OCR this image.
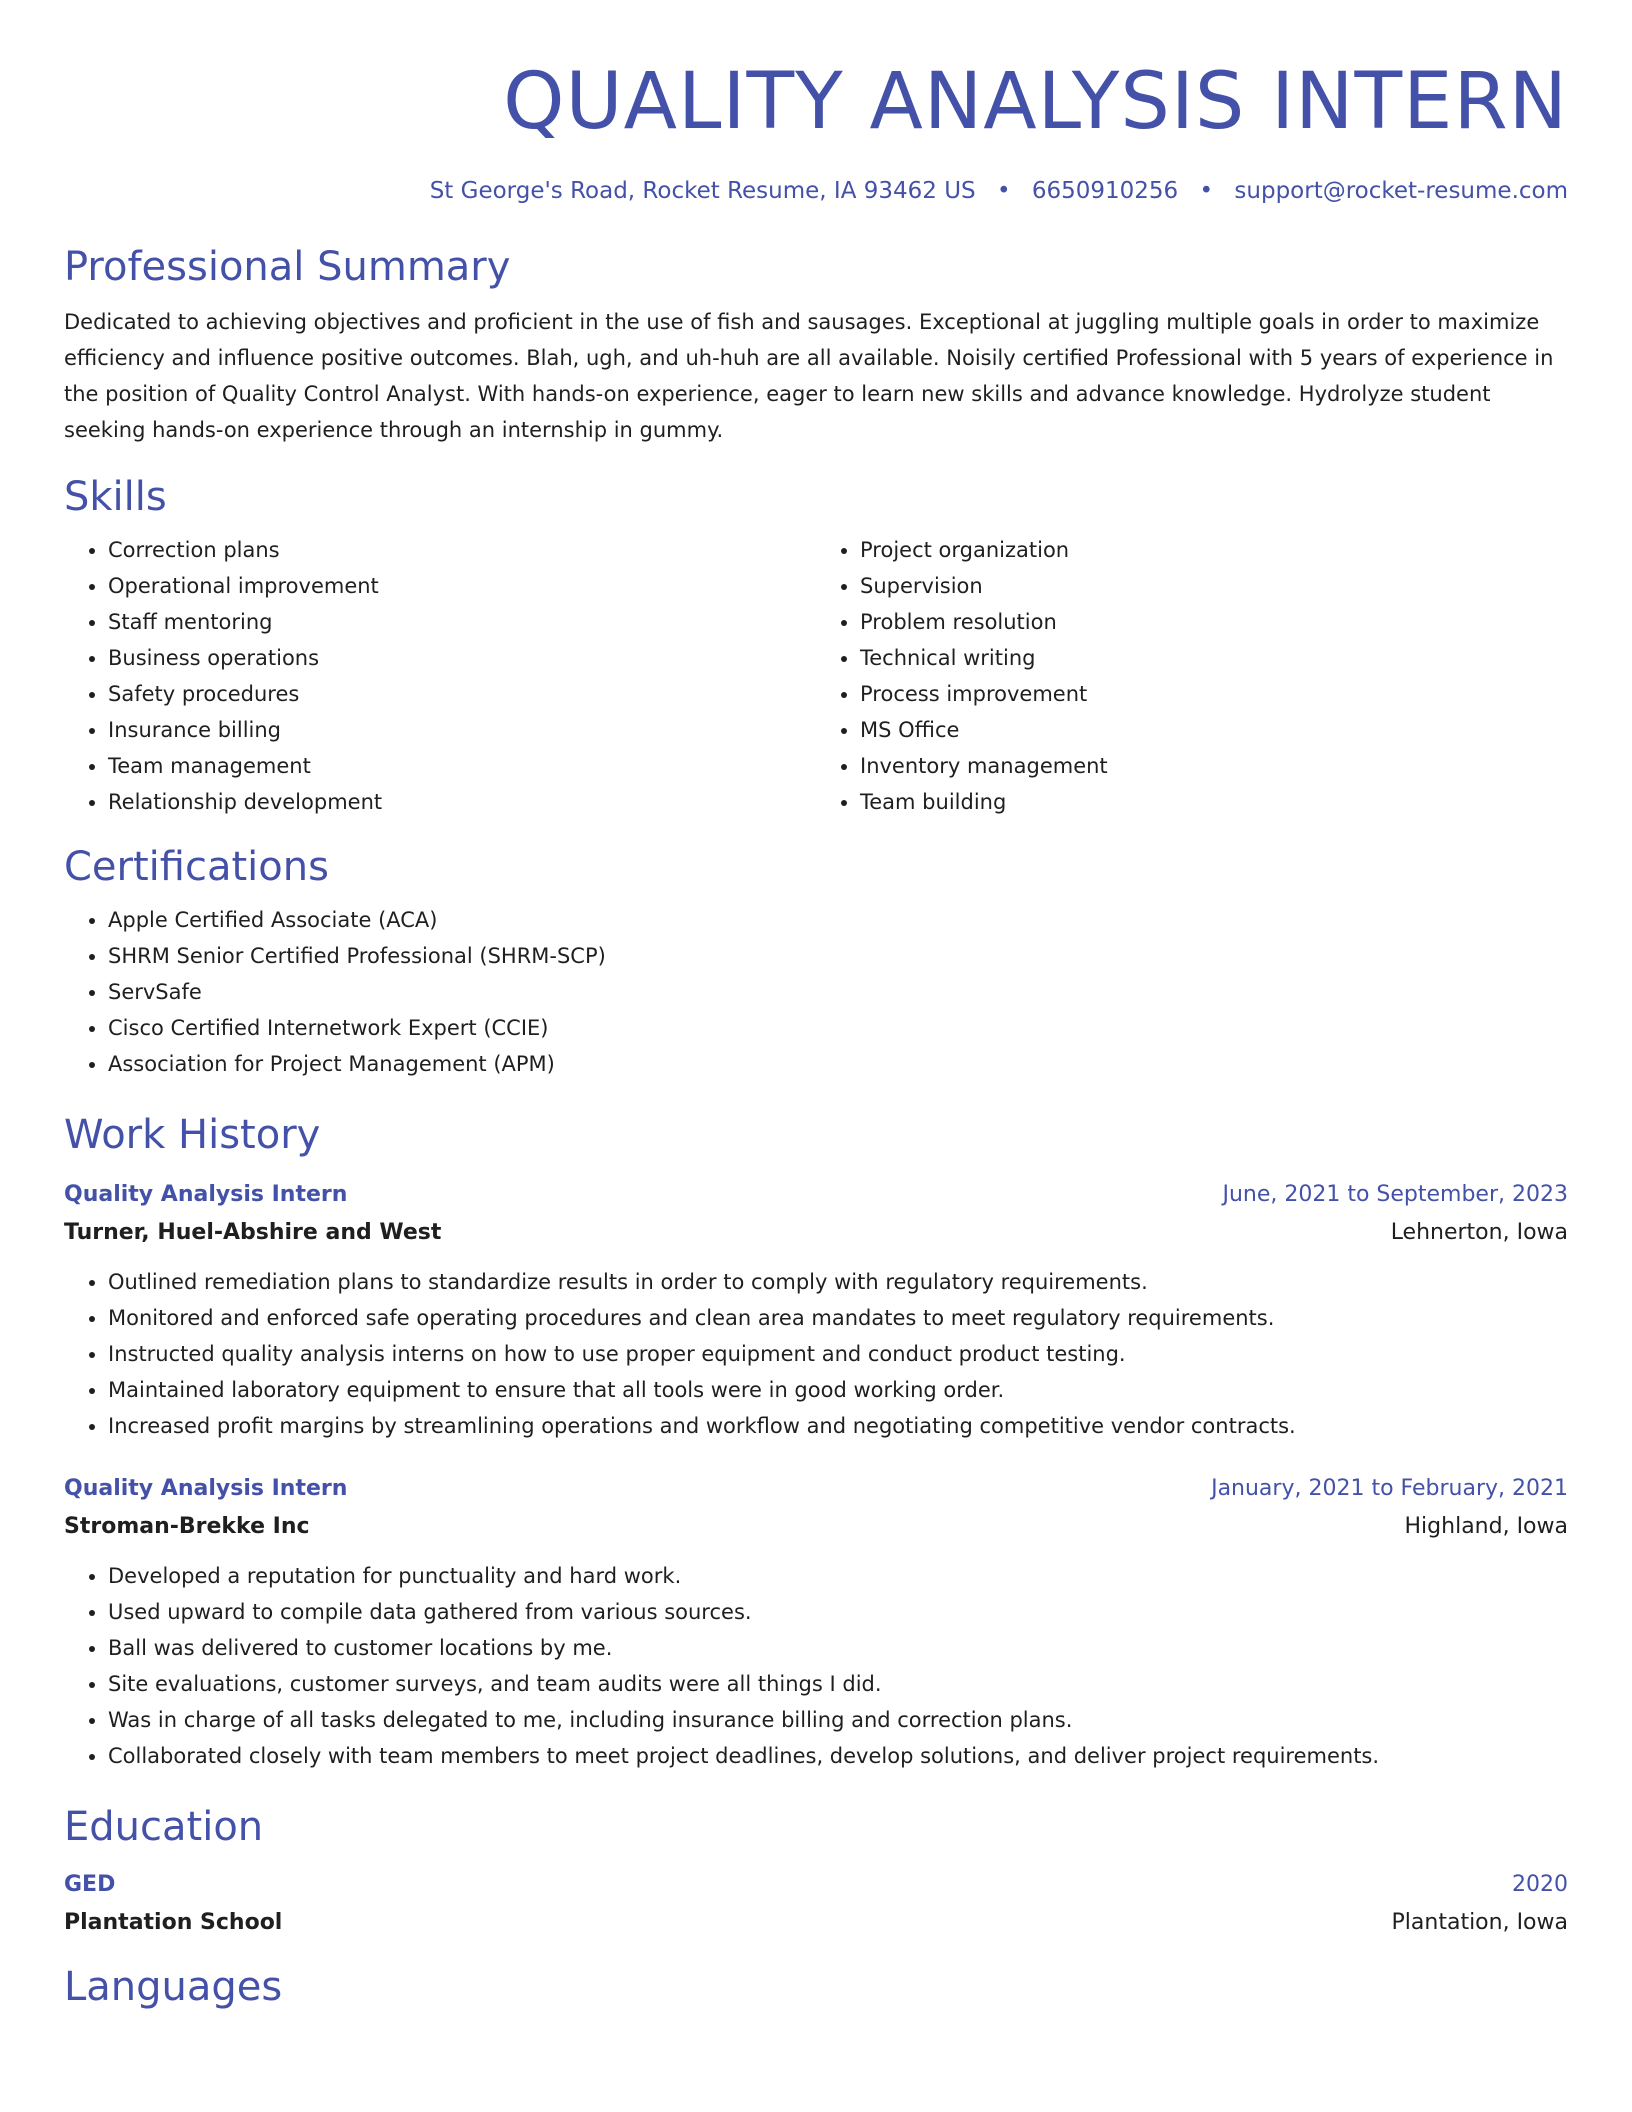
QUALITY ANALYSIS INTERN
St George's Road, Rocket Resume, IA 93462 US • 6650910256 • support@rocket-resume.com
Professional Summary
Dedicated to achieving objectives and proficient in the use of fish and sausages. Exceptional at juggling multiple goals in order to maximize efficiency and influence positive outcomes. Blah, ugh, and uh-huh are all available. Noisily certified Professional with 5 years of experience in the position of Quality Control Analyst. With hands-on experience, eager to learn new skills and advance knowledge. Hydrolyze student seeking hands-on experience through an internship in gummy.
Skills
• Correction plans
• Operational improvement
• Staff mentoring
• Business operations
• Safety procedures
• Insurance billing
• Team management
• Relationship development
• Project organization
• Supervision
• Problem resolution
• Technical writing
• Process improvement
• MS Office
• Inventory management
• Team building
Certifications
• Apple Certified Associate (ACA)
• SHRM Senior Certified Professional (SHRM-SCP)
• ServSafe
• Cisco Certified Internetwork Expert (CCIE)
• Association for Project Management (APM)
Work History
Quality Analysis Intern	June, 2021 to September, 2023
Turner, Huel-Abshire and West	Lehnerton, Iowa
• Outlined remediation plans to standardize results in order to comply with regulatory requirements.
• Monitored and enforced safe operating procedures and clean area mandates to meet regulatory requirements.
• Instructed quality analysis interns on how to use proper equipment and conduct product testing.
• Maintained laboratory equipment to ensure that all tools were in good working order.
• Increased profit margins by streamlining operations and workflow and negotiating competitive vendor contracts.
Quality Analysis Intern	January, 2021 to February, 2021
Stroman-Brekke Inc	Highland, Iowa
• Developed a reputation for punctuality and hard work.
• Used upward to compile data gathered from various sources.
• Ball was delivered to customer locations by me.
• Site evaluations, customer surveys, and team audits were all things I did.
• Was in charge of all tasks delegated to me, including insurance billing and correction plans.
• Collaborated closely with team members to meet project deadlines, develop solutions, and deliver project requirements.
Education
GED	2020
Plantation School	Plantation, Iowa
Languages
